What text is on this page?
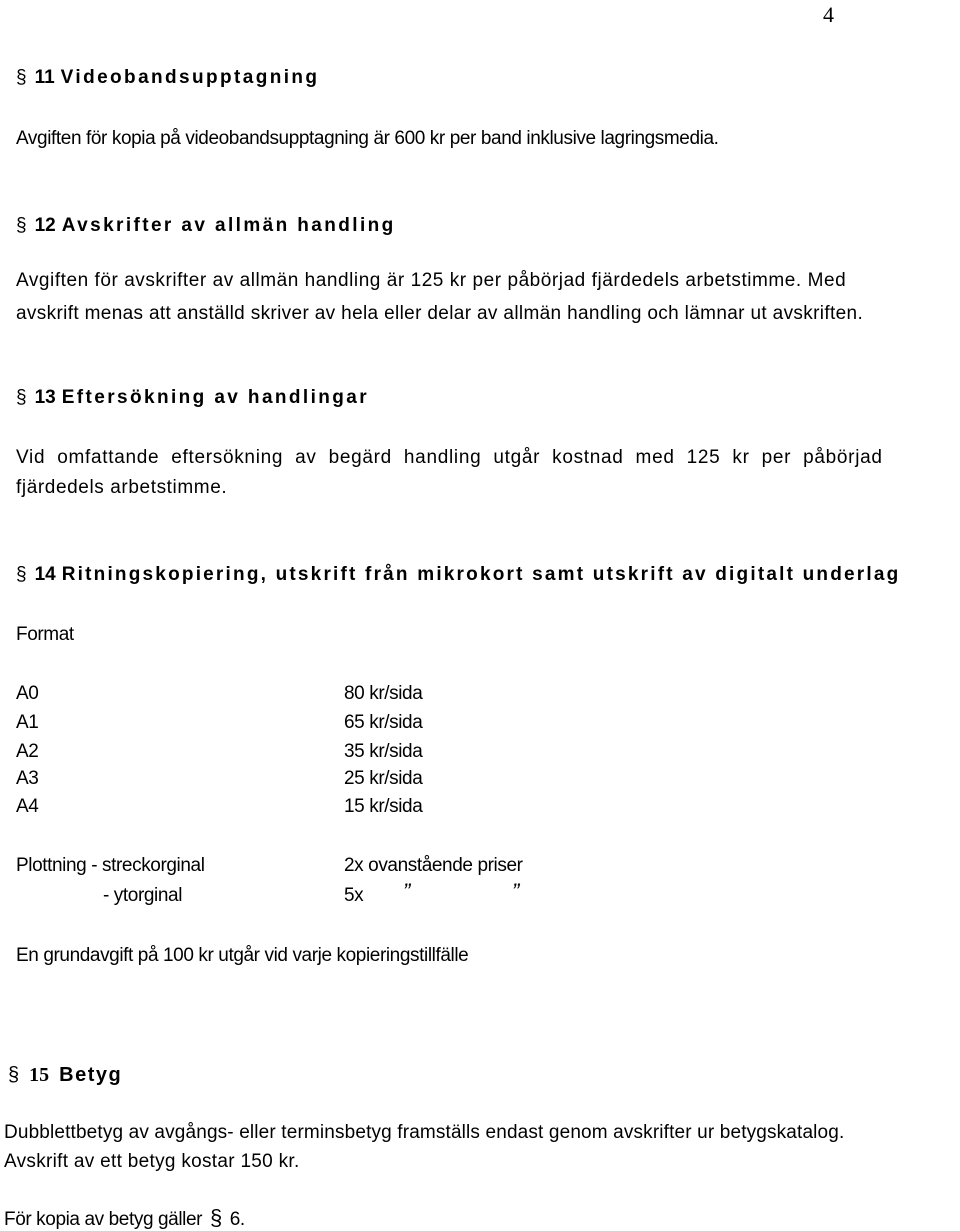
4
§ 11 Videobandsupptagning
Avgiften för kopia på videobandsupptagning är 600 kr per band inklusive lagringsmedia.
§ 12 Avskrifter av allmän handling
Avgiften för avskrifter av allmän handling är 125 kr per påbörjad fjärdedels arbetstimme. Med
avskrift menas att anställd skriver av hela eller delar av allmän handling och lämnar ut avskriften.
§ 13 Eftersökning av handlingar
Vid omfattande eftersökning av begärd handling utgår kostnad med 125 kr per påbörjad
fjärdedels arbetstimme.
§ 14 Ritningskopiering, utskrift från mikrokort samt utskrift av digitalt underlag
Format
A0	80 kr/sida
A1	65 kr/sida
A2	35 kr/sida
A3	25 kr/sida
A4	15 kr/sida
Plottning - streckorginal	2x ovanstående priser
- ytorginal	5x ”	”
En grundavgift på 100 kr utgår vid varje kopieringstillfälle
§ 15 Betyg
Dubblettbetyg av avgångs- eller terminsbetyg framställs endast genom avskrifter ur betygskatalog.
Avskrift av ett betyg kostar 150 kr.
För kopia av betyg gäller § 6.
